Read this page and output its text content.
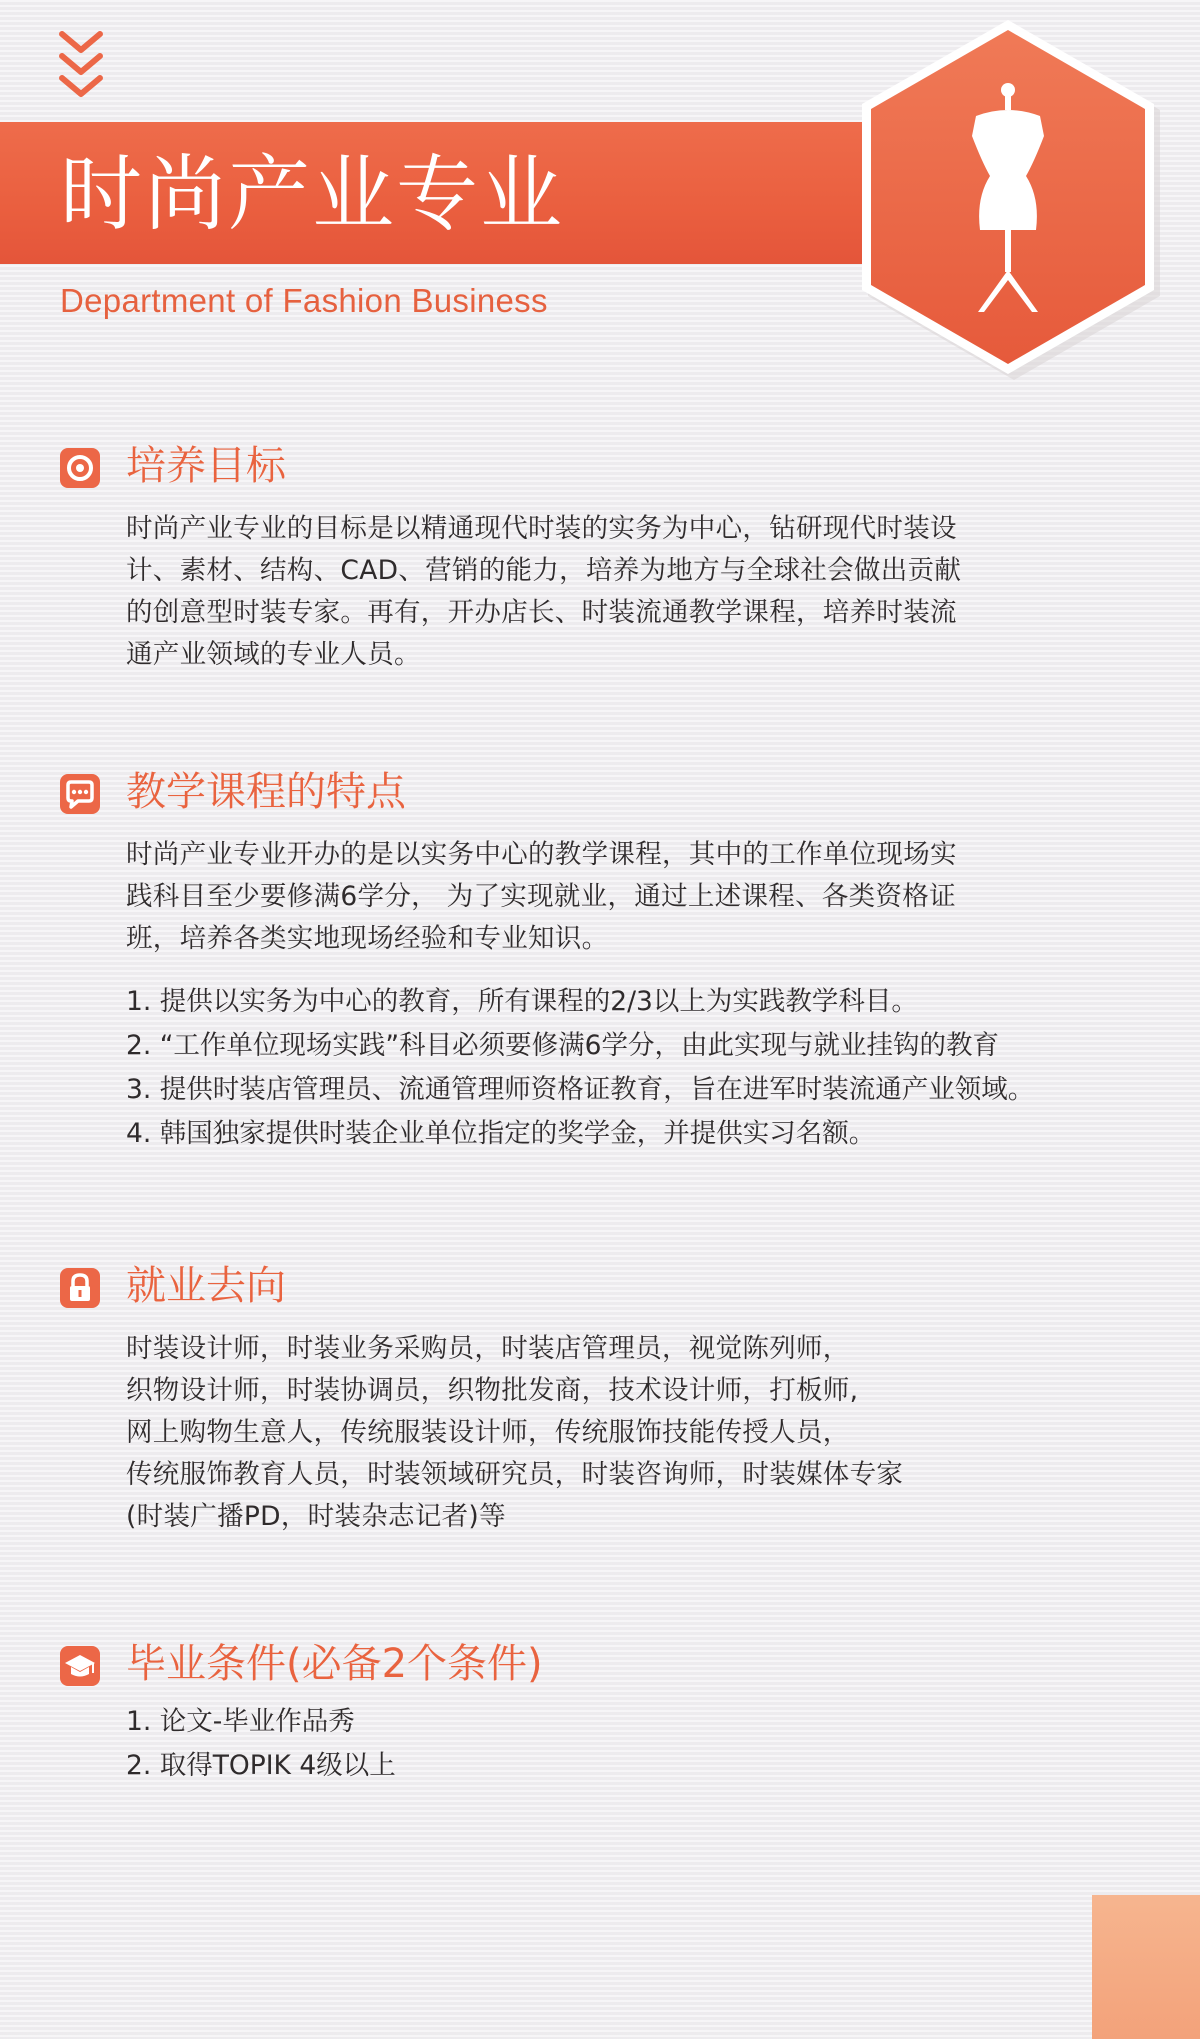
时尚产业专业
Department of Fashion Business
培养目标
时尚产业专业的目标是以精通现代时装的实务为中心，钻研现代时装设
计、素材、结构、CAD、营销的能力，培养为地方与全球社会做出贡献
的创意型时装专家。再有，开办店长、时装流通教学课程，培养时装流
通产业领域的专业人员。
教学课程的特点
时尚产业专业开办的是以实务中心的教学课程，其中的工作单位现场实
践科目至少要修满6学分， 为了实现就业，通过上述课程、各类资格证
班，培养各类实地现场经验和专业知识。
1. 提供以实务为中心的教育，所有课程的2/3以上为实践教学科目。
2. “工作单位现场实践”科目必须要修满6学分，由此实现与就业挂钩的教育
3. 提供时装店管理员、流通管理师资格证教育，旨在进军时装流通产业领域。
4. 韩国独家提供时装企业单位指定的奖学金，并提供实习名额。
就业去向
时装设计师，时装业务采购员，时装店管理员，视觉陈列师，
织物设计师，时装协调员，织物批发商，技术设计师，打板师,
网上购物生意人，传统服装设计师，传统服饰技能传授人员，
传统服饰教育人员，时装领域研究员，时装咨询师，时装媒体专家
(时装广播PD，时装杂志记者)等
毕业条件(必备2个条件)
1. 论文-毕业作品秀
2. 取得TOPIK 4级以上
